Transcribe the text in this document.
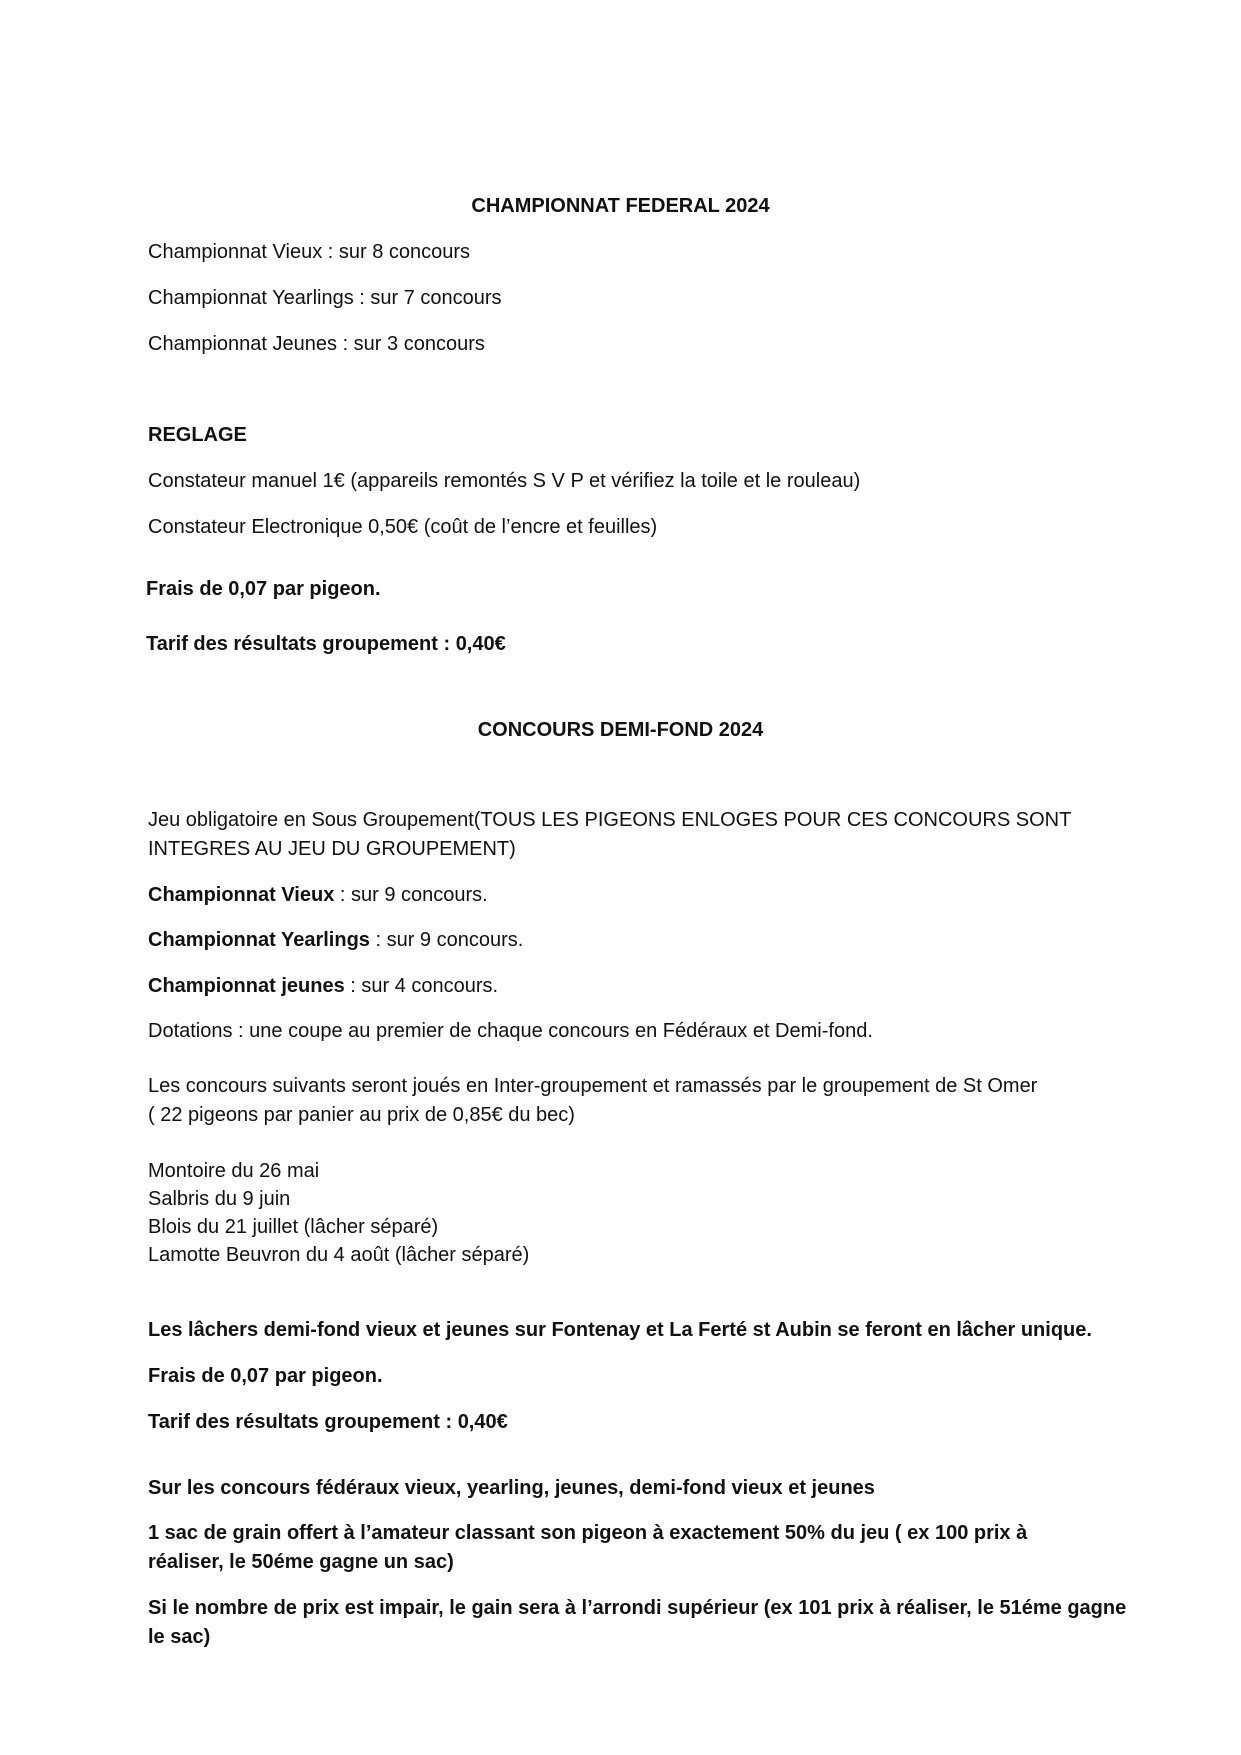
CHAMPIONNAT FEDERAL 2024
Championnat Vieux : sur 8 concours
Championnat Yearlings : sur 7 concours
Championnat Jeunes : sur 3 concours
REGLAGE
Constateur manuel 1€ (appareils remontés S V P et vérifiez la toile et le rouleau)
Constateur Electronique 0,50€ (coût de l’encre et feuilles)
Frais de 0,07 par pigeon.
Tarif des résultats groupement : 0,40€
CONCOURS DEMI-FOND 2024
Jeu obligatoire en Sous Groupement(TOUS LES PIGEONS ENLOGES POUR CES CONCOURS SONT
INTEGRES AU JEU DU GROUPEMENT)
Championnat Vieux : sur 9 concours.
Championnat Yearlings : sur 9 concours.
Championnat jeunes : sur 4 concours.
Dotations : une coupe au premier de chaque concours en Fédéraux et Demi-fond.
Les concours suivants seront joués en Inter-groupement et ramassés par le groupement de St Omer
( 22 pigeons par panier au prix de 0,85€ du bec)
Montoire du 26 mai
Salbris du 9 juin
Blois du 21 juillet (lâcher séparé)
Lamotte Beuvron du 4 août (lâcher séparé)
Les lâchers demi-fond vieux et jeunes sur Fontenay et La Ferté st Aubin se feront en lâcher unique.
Frais de 0,07 par pigeon.
Tarif des résultats groupement : 0,40€
Sur les concours fédéraux vieux, yearling, jeunes, demi-fond vieux et jeunes
1 sac de grain offert à l’amateur classant son pigeon à exactement 50% du jeu ( ex 100 prix à
réaliser, le 50éme gagne un sac)
Si le nombre de prix est impair, le gain sera à l’arrondi supérieur (ex 101 prix à réaliser, le 51éme gagne
le sac)
